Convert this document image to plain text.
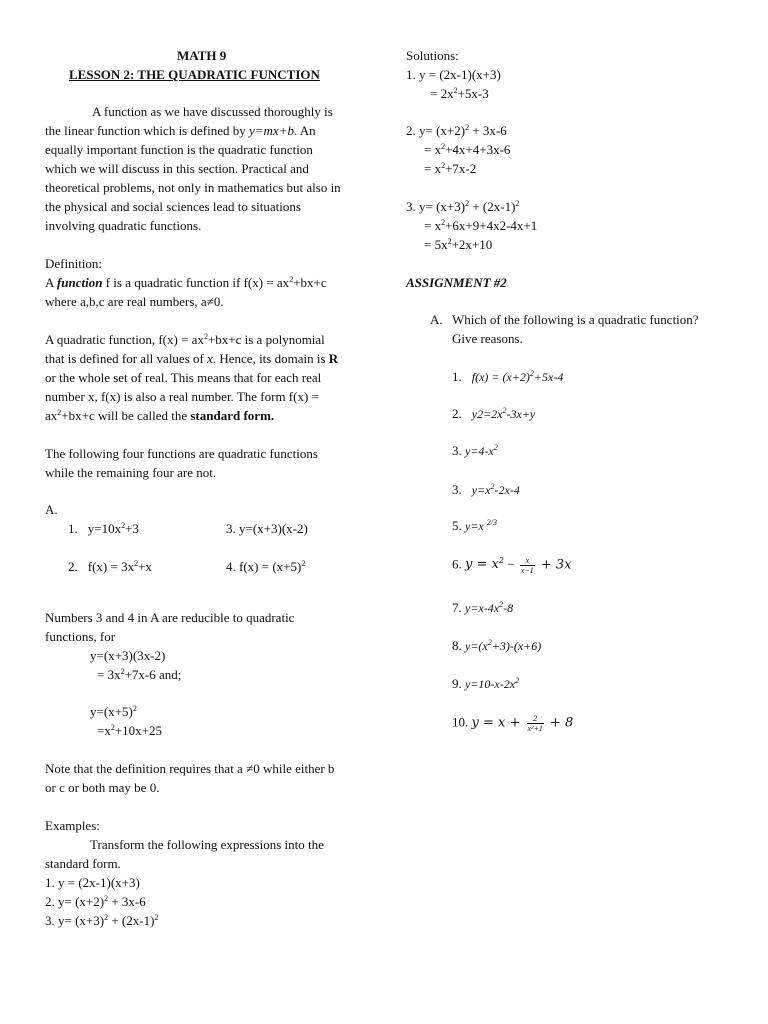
MATH 9
LESSON 2: THE QUADRATIC FUNCTION
A function as we have discussed thoroughly is
the linear function which is defined by y=mx+b. An
equally important function is the quadratic function
which we will discuss in this section. Practical and
theoretical problems, not only in mathematics but also in
the physical and social sciences lead to situations
involving quadratic functions.
Definition:
A function f is a quadratic function if $f(x) = ax^2+bx+c$
where a,b,c are real numbers, a≠0.
A quadratic function, $f(x) = ax^2+bx+c$ is a polynomial
that is defined for all values of x. Hence, its domain is R
or the whole set of real. This means that for each real
number x, f(x) is also a real number. The form f(x) =
$ax^2+bx+c$ will be called the standard form.
The following four functions are quadratic functions
while the remaining four are not.
A.
1. $y=10x^2+3$	3. y=(x+3)(x-2)
2. $f(x) = 3x^2+x$	4. $f(x) = (x+5)^2$
Numbers 3 and 4 in A are reducible to quadratic
functions, for
y=(x+3)(3x-2)
= $3x^2+7x-6$ and;
$y=(x+5)^2$
$=x^2+10x+25$
Note that the definition requires that a ≠0 while either b
or c or both may be 0.
Examples:
Transform the following expressions into the
standard form.
1. y = (2x-1)(x+3)
2. $y= (x+2)^2 + 3x-6$
3. $y= (x+3)^2 + (2x-1)^2$
Solutions:
1. y = (2x-1)(x+3)
= $2x^2+5x-3$
2. $y= (x+2)^2 + 3x-6$
= $x^2+4x+4+3x-6$
= $x^2+7x-2$
3. $y= (x+3)^2 + (2x-1)^2$
= $x^2+6x+9+4x2-4x+1$
= $5x^2+2x+10$
ASSIGNMENT #2
A. Which of the following is a quadratic function?
Give reasons.
1. $f(x) = (x+2)^2+5x-4$
2. $y2=2x^2-3x+y$
3. $y=4-x^2$
3. $y=x^2-2x-4$
5. y=x $^{2/3}$
6. $y = x^2 - \frac{x}{x-1} + 3x$
7. $y=x-4x^2-8$
8. $y=(x^2+3)-(x+6)$
9. $y=10-x-2x^2$
10. $y = x + \frac{2}{\text{x²+1}} + 8$
